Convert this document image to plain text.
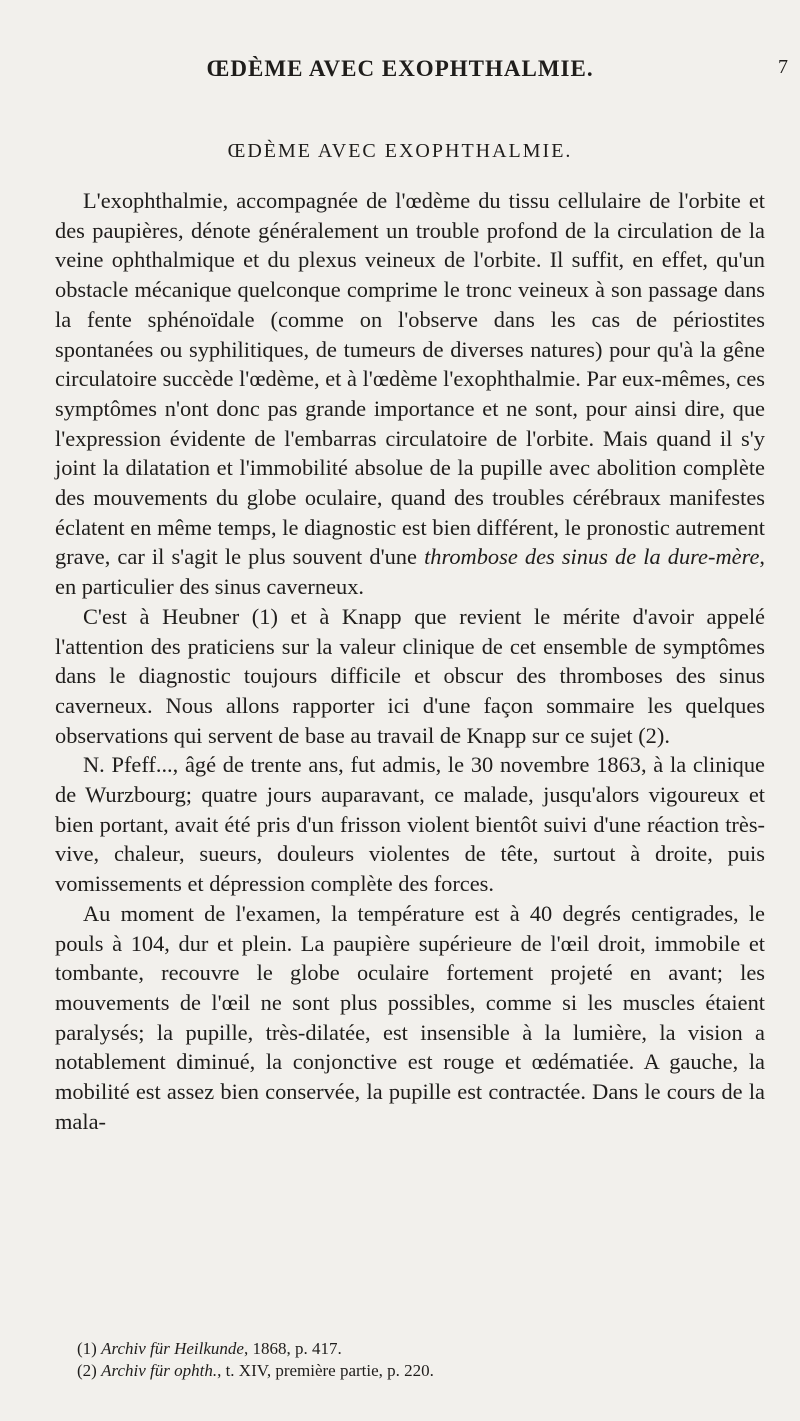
ŒDÈME AVEC EXOPHTHALMIE.	7
ŒDÈME AVEC EXOPHTHALMIE.

L'exophthalmie, accompagnée de l'œdème du tissu cellulaire de l'orbite et des paupières, dénote généralement un trouble profond de la circulation de la veine ophthalmique et du plexus veineux de l'orbite. Il suffit, en effet, qu'un obstacle mécanique quelconque comprime le tronc veineux à son passage dans la fente sphénoïdale (comme on l'observe dans les cas de périostites spontanées ou syphilitiques, de tumeurs de diverses natures) pour qu'à la gêne circulatoire succède l'œdème, et à l'œdème l'exophthalmie. Par eux-mêmes, ces symptômes n'ont donc pas grande importance et ne sont, pour ainsi dire, que l'expression évidente de l'embarras circulatoire de l'orbite. Mais quand il s'y joint la dilatation et l'immobilité absolue de la pupille avec abolition complète des mouvements du globe oculaire, quand des troubles cérébraux manifestes éclatent en même temps, le diagnostic est bien différent, le pronostic autrement grave, car il s'agit le plus souvent d'une thrombose des sinus de la dure-mère, en particulier des sinus caverneux.

C'est à Heubner (1) et à Knapp que revient le mérite d'avoir appelé l'attention des praticiens sur la valeur clinique de cet ensemble de symptômes dans le diagnostic toujours difficile et obscur des thromboses des sinus caverneux. Nous allons rapporter ici d'une façon sommaire les quelques observations qui servent de base au travail de Knapp sur ce sujet (2).

N. Pfeff..., âgé de trente ans, fut admis, le 30 novembre 1863, à la clinique de Wurzbourg; quatre jours auparavant, ce malade, jusqu'alors vigoureux et bien portant, avait été pris d'un frisson violent bientôt suivi d'une réaction très-vive, chaleur, sueurs, douleurs violentes de tête, surtout à droite, puis vomissements et dépression complète des forces.

Au moment de l'examen, la température est à 40 degrés centigrades, le pouls à 104, dur et plein. La paupière supérieure de l'œil droit, immobile et tombante, recouvre le globe oculaire fortement projeté en avant; les mouvements de l'œil ne sont plus possibles, comme si les muscles étaient paralysés; la pupille, très-dilatée, est insensible à la lumière, la vision a notablement diminué, la conjonctive est rouge et œdématiée. A gauche, la mobilité est assez bien conservée, la pupille est contractée. Dans le cours de la mala-

(1) Archiv für Heilkunde, 1868, p. 417.

(2) Archiv für ophth., t. XIV, première partie, p. 220.
